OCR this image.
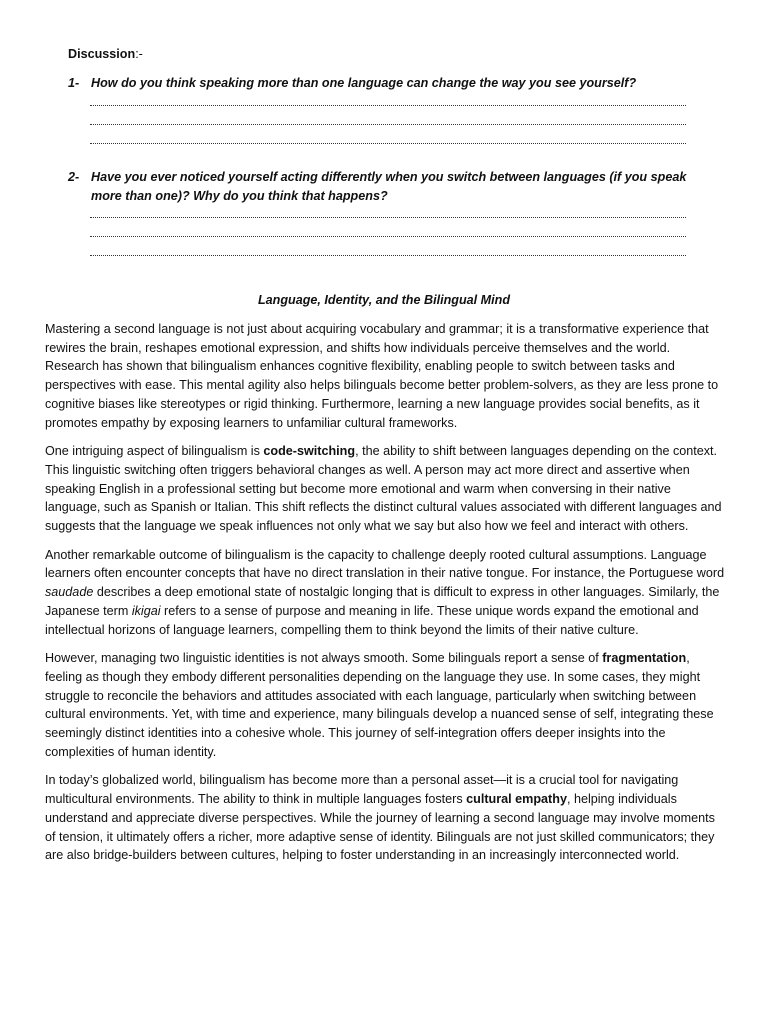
Discussion:-
1- How do you think speaking more than one language can change the way you see yourself?
2- Have you ever noticed yourself acting differently when you switch between languages (if you speak more than one)? Why do you think that happens?
Language, Identity, and the Bilingual Mind

Mastering a second language is not just about acquiring vocabulary and grammar; it is a transformative experience that rewires the brain, reshapes emotional expression, and shifts how individuals perceive themselves and the world. Research has shown that bilingualism enhances cognitive flexibility, enabling people to switch between tasks and perspectives with ease. This mental agility also helps bilinguals become better problem-solvers, as they are less prone to cognitive biases like stereotypes or rigid thinking. Furthermore, learning a new language provides social benefits, as it promotes empathy by exposing learners to unfamiliar cultural frameworks.

One intriguing aspect of bilingualism is code-switching, the ability to shift between languages depending on the context. This linguistic switching often triggers behavioral changes as well. A person may act more direct and assertive when speaking English in a professional setting but become more emotional and warm when conversing in their native language, such as Spanish or Italian. This shift reflects the distinct cultural values associated with different languages and suggests that the language we speak influences not only what we say but also how we feel and interact with others.

Another remarkable outcome of bilingualism is the capacity to challenge deeply rooted cultural assumptions. Language learners often encounter concepts that have no direct translation in their native tongue. For instance, the Portuguese word saudade describes a deep emotional state of nostalgic longing that is difficult to express in other languages. Similarly, the Japanese term ikigai refers to a sense of purpose and meaning in life. These unique words expand the emotional and intellectual horizons of language learners, compelling them to think beyond the limits of their native culture.

However, managing two linguistic identities is not always smooth. Some bilinguals report a sense of fragmentation, feeling as though they embody different personalities depending on the language they use. In some cases, they might struggle to reconcile the behaviors and attitudes associated with each language, particularly when switching between cultural environments. Yet, with time and experience, many bilinguals develop a nuanced sense of self, integrating these seemingly distinct identities into a cohesive whole. This journey of self-integration offers deeper insights into the complexities of human identity.

In today’s globalized world, bilingualism has become more than a personal asset—it is a crucial tool for navigating multicultural environments. The ability to think in multiple languages fosters cultural empathy, helping individuals understand and appreciate diverse perspectives. While the journey of learning a second language may involve moments of tension, it ultimately offers a richer, more adaptive sense of identity. Bilinguals are not just skilled communicators; they are also bridge-builders between cultures, helping to foster understanding in an increasingly interconnected world.
